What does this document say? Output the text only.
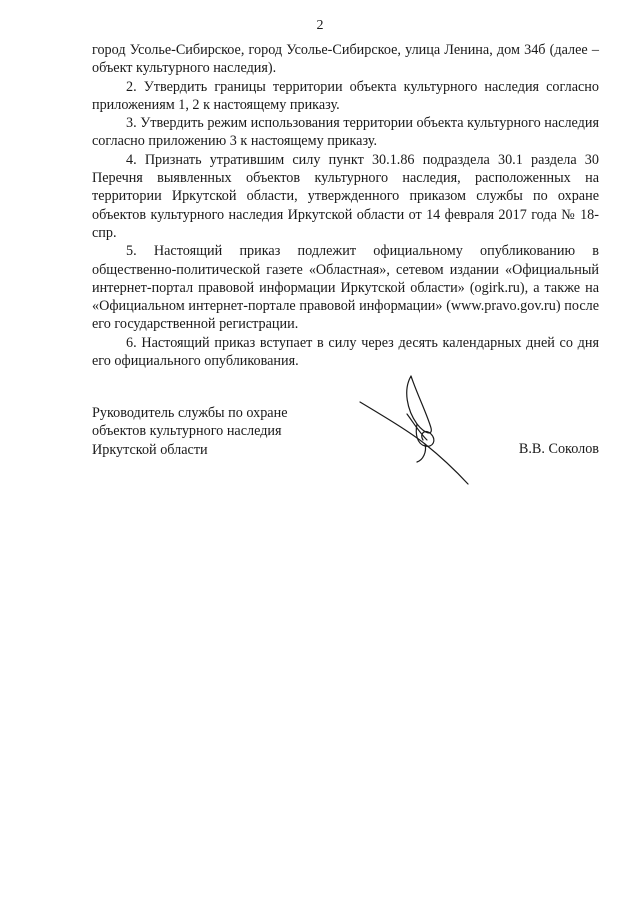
2

город Усолье-Сибирское, город Усолье-Сибирское, улица Ленина, дом 34б (далее – объект культурного наследия).

2. Утвердить границы территории объекта культурного наследия согласно приложениям 1, 2 к настоящему приказу.

3. Утвердить режим использования территории объекта культурного наследия согласно приложению 3 к настоящему приказу.

4. Признать утратившим силу пункт 30.1.86 подраздела 30.1 раздела 30 Перечня выявленных объектов культурного наследия, расположенных на территории Иркутской области, утвержденного приказом службы по охране объектов культурного наследия Иркутской области от 14 февраля 2017 года № 18-спр.

5. Настоящий приказ подлежит официальному опубликованию в общественно-политической газете «Областная», сетевом издании «Официальный интернет-портал правовой информации Иркутской области» (ogirk.ru), а также на «Официальном интернет-портале правовой информации» (www.pravo.gov.ru) после его государственной регистрации.

6. Настоящий приказ вступает в силу через десять календарных дней со дня его официального опубликования.

Руководитель службы по охране
объектов культурного наследия
Иркутской области	В.В. Соколов
